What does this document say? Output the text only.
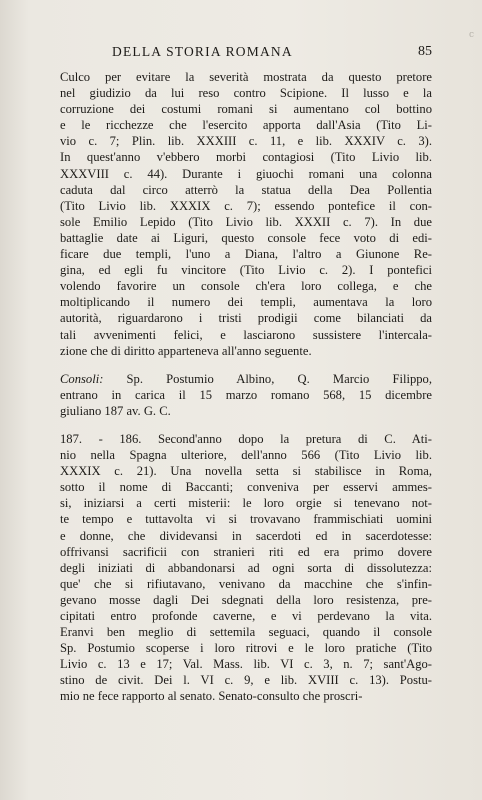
c
DELLA STORIA ROMANA	85
Culco per evitare la severità mostrata da questo pretore
nel giudizio da lui reso contro Scipione. Il lusso e la
corruzione dei costumi romani si aumentano col bottino
e le ricchezze che l'esercito apporta dall'Asia (Tito Li-
vio c. 7; Plin. lib. XXXIII c. 11, e lib. XXXIV c. 3).
In quest'anno v'ebbero morbi contagiosi (Tito Livio lib.
XXXVIII c. 44). Durante i giuochi romani una colonna
caduta dal circo atterrò la statua della Dea Pollentia
(Tito Livio lib. XXXIX c. 7); essendo pontefice il con-
sole Emilio Lepido (Tito Livio lib. XXXII c. 7). In due
battaglie date ai Liguri, questo console fece voto di edi-
ficare due templi, l'uno a Diana, l'altro a Giunone Re-
gina, ed egli fu vincitore (Tito Livio c. 2). I pontefici
volendo favorire un console ch'era loro collega, e che
moltiplicando il numero dei templi, aumentava la loro
autorità, riguardarono i tristi prodigii come bilanciati da
tali avvenimenti felici, e lasciarono sussistere l'intercala-
zione che di diritto apparteneva all'anno seguente.
Consoli: Sp. Postumio Albino, Q. Marcio Filippo,
entrano in carica il 15 marzo romano 568, 15 dicembre
giuliano 187 av. G. C.
187. - 186. Second'anno dopo la pretura di C. Ati-
nio nella Spagna ulteriore, dell'anno 566 (Tito Livio lib.
XXXIX c. 21). Una novella setta si stabilisce in Roma,
sotto il nome di Baccanti; conveniva per esservi ammes-
si, iniziarsi a certi misterii: le loro orgie si tenevano not-
te tempo e tuttavolta vi si trovavano frammischiati uomini
e donne, che dividevansi in sacerdoti ed in sacerdotesse:
offrivansi sacrificii con stranieri riti ed era primo dovere
degli iniziati di abbandonarsi ad ogni sorta di dissolutezza:
que' che si rifiutavano, venivano da macchine che s'infin-
gevano mosse dagli Dei sdegnati della loro resistenza, pre-
cipitati entro profonde caverne, e vi perdevano la vita.
Eranvi ben meglio di settemila seguaci, quando il console
Sp. Postumio scoperse i loro ritrovi e le loro pratiche (Tito
Livio c. 13 e 17; Val. Mass. lib. VI c. 3, n. 7; sant'Ago-
stino de civit. Dei l. VI c. 9, e lib. XVIII c. 13). Postu-
mio ne fece rapporto al senato. Senato-consulto che proscri-
